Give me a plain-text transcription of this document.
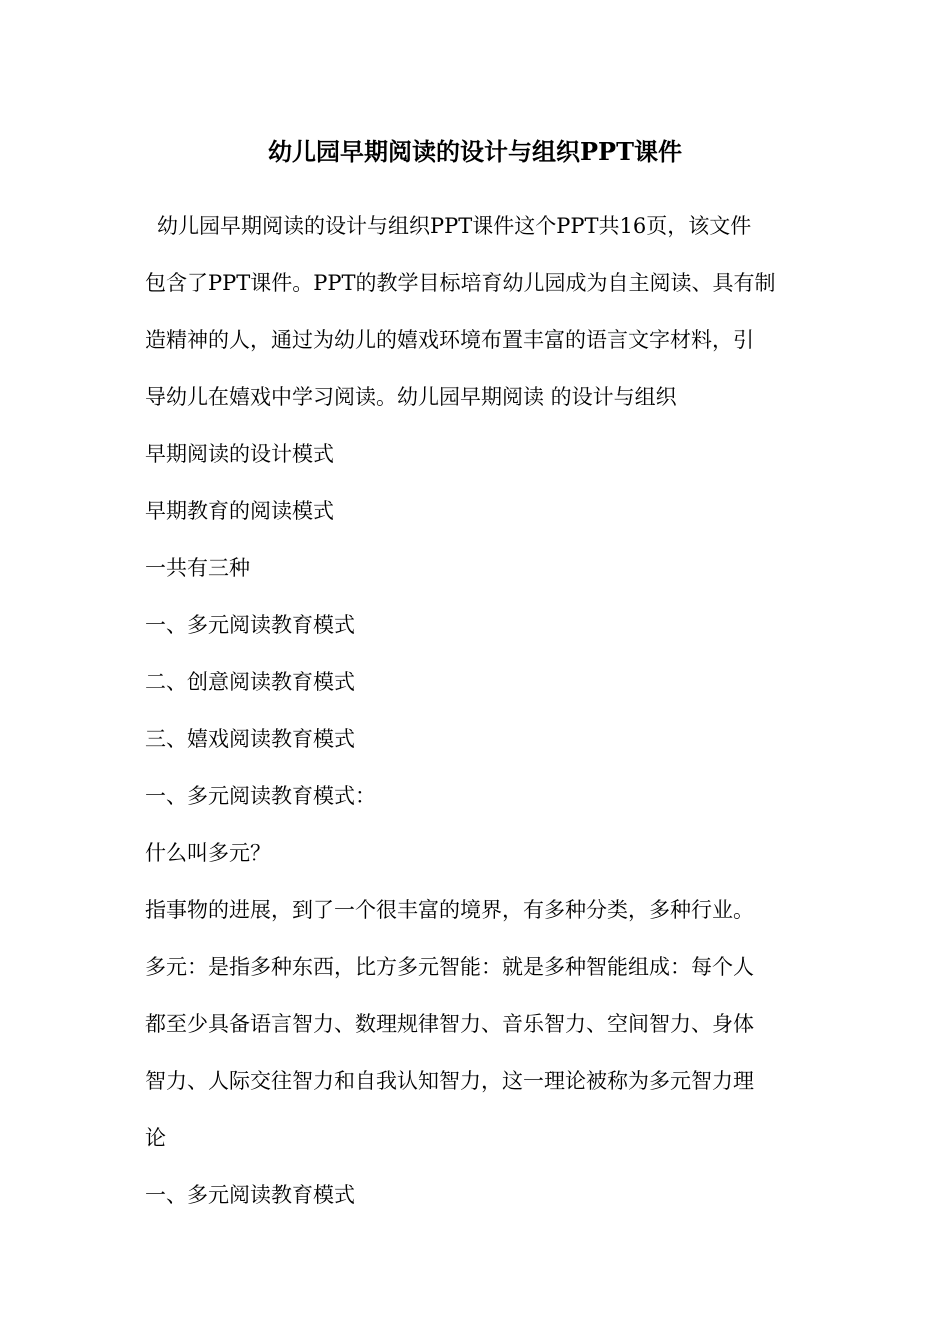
幼儿园早期阅读的设计与组织PPT课件

幼儿园早期阅读的设计与组织PPT课件这个PPT共16页，该文件
包含了PPT课件。PPT的教学目标培育幼儿园成为自主阅读、具有制
造精神的人，通过为幼儿的嬉戏环境布置丰富的语言文字材料，引
导幼儿在嬉戏中学习阅读。幼儿园早期阅读 的设计与组织

早期阅读的设计模式
早期教育的阅读模式
一共有三种
一、多元阅读教育模式
二、创意阅读教育模式
三、嬉戏阅读教育模式
一、多元阅读教育模式：
什么叫多元？
指事物的进展，到了一个很丰富的境界，有多种分类，多种行业。
多元：是指多种东西，比方多元智能：就是多种智能组成：每个人
都至少具备语言智力、数理规律智力、音乐智力、空间智力、身体
智力、人际交往智力和自我认知智力，这一理论被称为多元智力理
论
一、多元阅读教育模式
